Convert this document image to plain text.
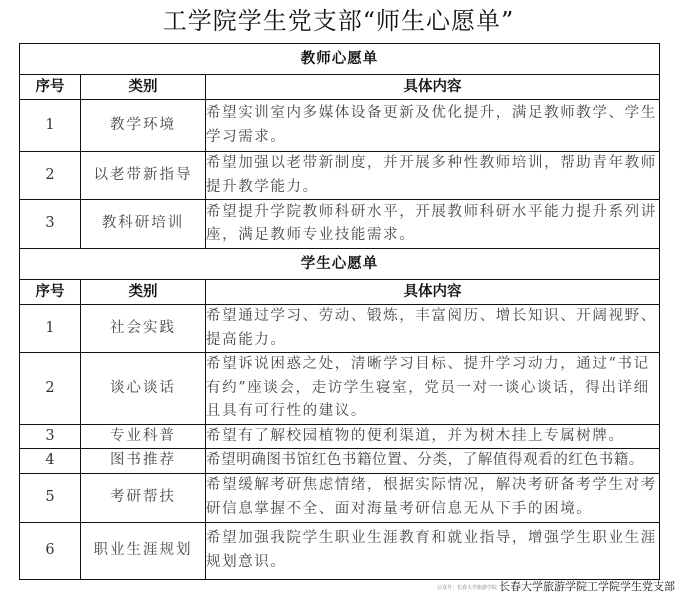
工学院学生党支部“师生心愿单”
教师心愿单		
序号	类别	具体内容
1	教学环境	希望实训室内多媒体设备更新及优化提升，满足教师教学、学生学习需求。
2	以老带新指导	希望加强以老带新制度，并开展多种性教师培训，帮助青年教师提升教学能力。
3	教科研培训	希望提升学院教师科研水平，开展教师科研水平能力提升系列讲座，满足教师专业技能需求。
学生心愿单		
序号	类别	具体内容
1	社会实践	希望通过学习、劳动、锻炼，丰富阅历、增长知识、开阔视野、提高能力。
2	谈心谈话	希望诉说困惑之处，清晰学习目标、提升学习动力，通过“书记有约”座谈会，走访学生寝室，党员一对一谈心谈话，得出详细且具有可行性的建议。
3	专业科普	希望有了解校园植物的便利渠道，并为树木挂上专属树牌。
4	图书推荐	希望明确图书馆红色书籍位置、分类，了解值得观看的红色书籍。
5	考研帮扶	希望缓解考研焦虑情绪，根据实际情况，解决考研备考学生对考研信息掌握不全、面对海量考研信息无从下手的困境。
6	职业生涯规划	希望加强我院学生职业生涯教育和就业指导，增强学生职业生涯规划意识。
公众号：长春大学旅游学院 长春大学旅游学院工学院学生党支部
